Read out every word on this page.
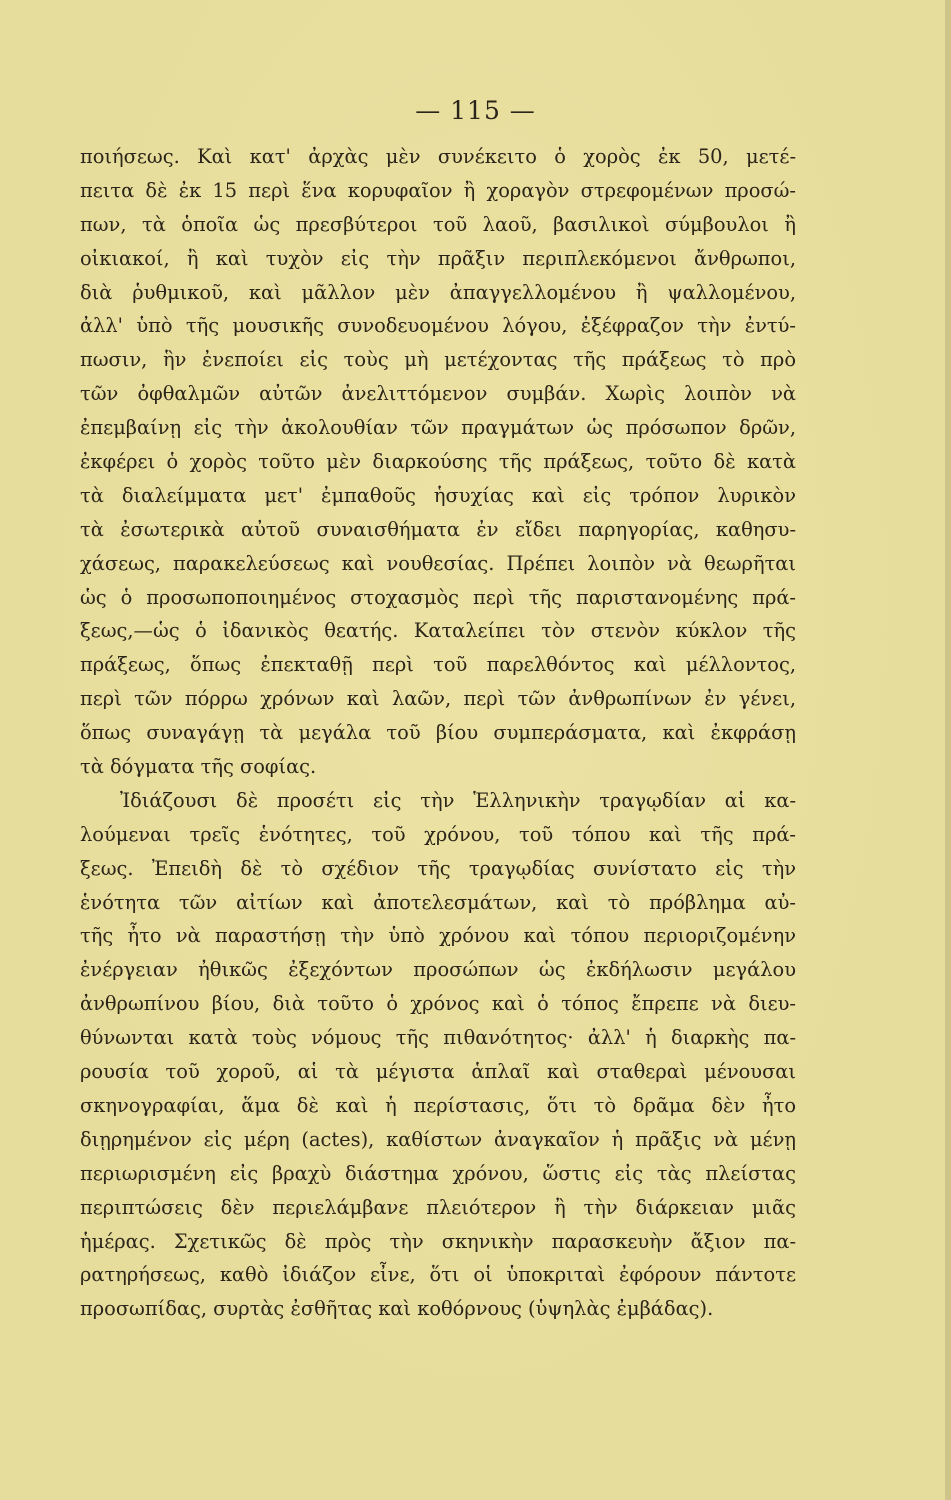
— 115 —
ποιήσεως. Καὶ κατ' ἀρχὰς μὲν συνέκειτο ὁ χορὸς ἐκ 50, μετέ-
πειτα δὲ ἐκ 15 περὶ ἕνα κορυφαῖον ἢ χοραγὸν στρεφομένων προσώ-
πων, τὰ ὁποῖα ὡς πρεσβύτεροι τοῦ λαοῦ, βασιλικοὶ σύμβουλοι ἢ
οἰκιακοί, ἢ καὶ τυχὸν εἰς τὴν πρᾶξιν περιπλεκόμενοι ἄνθρωποι,
διὰ ῥυθμικοῦ, καὶ μᾶλλον μὲν ἀπαγγελλομένου ἢ ψαλλομένου,
ἀλλ' ὑπὸ τῆς μουσικῆς συνοδευομένου λόγου, ἐξέφραζον τὴν ἐντύ-
πωσιν, ἣν ἐνεποίει εἰς τοὺς μὴ μετέχοντας τῆς πράξεως τὸ πρὸ
τῶν ὀφθαλμῶν αὐτῶν ἀνελιττόμενον συμβάν. Χωρὶς λοιπὸν νὰ
ἐπεμβαίνῃ εἰς τὴν ἀκολουθίαν τῶν πραγμάτων ὡς πρόσωπον δρῶν,
ἐκφέρει ὁ χορὸς τοῦτο μὲν διαρκούσης τῆς πράξεως, τοῦτο δὲ κατὰ
τὰ διαλείμματα μετ' ἐμπαθοῦς ἡσυχίας καὶ εἰς τρόπον λυρικὸν
τὰ ἐσωτερικὰ αὐτοῦ συναισθήματα ἐν εἴδει παρηγορίας, καθησυ-
χάσεως, παρακελεύσεως καὶ νουθεσίας. Πρέπει λοιπὸν νὰ θεωρῆται
ὡς ὁ προσωποποιημένος στοχασμὸς περὶ τῆς παριστανομένης πρά-
ξεως,—ὡς ὁ ἰδανικὸς θεατής. Καταλείπει τὸν στενὸν κύκλον τῆς
πράξεως, ὅπως ἐπεκταθῇ περὶ τοῦ παρελθόντος καὶ μέλλοντος,
περὶ τῶν πόρρω χρόνων καὶ λαῶν, περὶ τῶν ἀνθρωπίνων ἐν γένει,
ὅπως συναγάγῃ τὰ μεγάλα τοῦ βίου συμπεράσματα, καὶ ἐκφράσῃ
τὰ δόγματα τῆς σοφίας.
Ἰδιάζουσι δὲ προσέτι εἰς τὴν Ἑλληνικὴν τραγῳδίαν αἱ κα-
λούμεναι τρεῖς ἑνότητες, τοῦ χρόνου, τοῦ τόπου καὶ τῆς πρά-
ξεως. Ἐπειδὴ δὲ τὸ σχέδιον τῆς τραγῳδίας συνίστατο εἰς τὴν
ἑνότητα τῶν αἰτίων καὶ ἀποτελεσμάτων, καὶ τὸ πρόβλημα αὐ-
τῆς ἦτο νὰ παραστήσῃ τὴν ὑπὸ χρόνου καὶ τόπου περιοριζομένην
ἐνέργειαν ἠθικῶς ἐξεχόντων προσώπων ὡς ἐκδήλωσιν μεγάλου
ἀνθρωπίνου βίου, διὰ τοῦτο ὁ χρόνος καὶ ὁ τόπος ἔπρεπε νὰ διευ-
θύνωνται κατὰ τοὺς νόμους τῆς πιθανότητος· ἀλλ' ἡ διαρκὴς πα-
ρουσία τοῦ χοροῦ, αἱ τὰ μέγιστα ἁπλαῖ καὶ σταθεραὶ μένουσαι
σκηνογραφίαι, ἅμα δὲ καὶ ἡ περίστασις, ὅτι τὸ δρᾶμα δὲν ἦτο
διῃρημένον εἰς μέρη (actes), καθίστων ἀναγκαῖον ἡ πρᾶξις νὰ μένῃ
περιωρισμένη εἰς βραχὺ διάστημα χρόνου, ὥστις εἰς τὰς πλείστας
περιπτώσεις δὲν περιελάμβανε πλειότερον ἢ τὴν διάρκειαν μιᾶς
ἡμέρας. Σχετικῶς δὲ πρὸς τὴν σκηνικὴν παρασκευὴν ἄξιον πα-
ρατηρήσεως, καθὸ ἰδιάζον εἶνε, ὅτι οἱ ὑποκριταὶ ἐφόρουν πάντοτε
προσωπίδας, συρτὰς ἐσθῆτας καὶ κοθόρνους (ὑψηλὰς ἐμβάδας).
